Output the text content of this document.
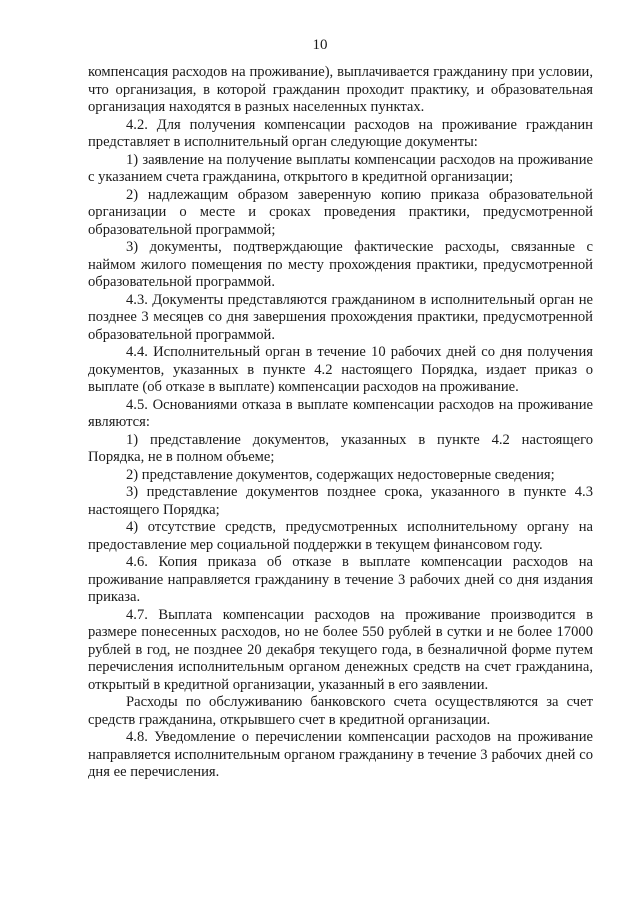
10

компенсация расходов на проживание), выплачивается гражданину при условии, что организация, в которой гражданин проходит практику, и образовательная организация находятся в разных населенных пунктах.

4.2. Для получения компенсации расходов на проживание гражданин представляет в исполнительный орган следующие документы:

1) заявление на получение выплаты компенсации расходов на проживание с указанием счета гражданина, открытого в кредитной организации;

2) надлежащим образом заверенную копию приказа образовательной организации о месте и сроках проведения практики, предусмотренной образовательной программой;

3) документы, подтверждающие фактические расходы, связанные с наймом жилого помещения по месту прохождения практики, предусмотренной образовательной программой.

4.3. Документы представляются гражданином в исполнительный орган не позднее 3 месяцев со дня завершения прохождения практики, предусмотренной образовательной программой.

4.4. Исполнительный орган в течение 10 рабочих дней со дня получения документов, указанных в пункте 4.2 настоящего Порядка, издает приказ о выплате (об отказе в выплате) компенсации расходов на проживание.

4.5. Основаниями отказа в выплате компенсации расходов на проживание являются:

1) представление документов, указанных в пункте 4.2 настоящего Порядка, не в полном объеме;

2) представление документов, содержащих недостоверные сведения;

3) представление документов позднее срока, указанного в пункте 4.3 настоящего Порядка;

4) отсутствие средств, предусмотренных исполнительному органу на предоставление мер социальной поддержки в текущем финансовом году.

4.6. Копия приказа об отказе в выплате компенсации расходов на проживание направляется гражданину в течение 3 рабочих дней со дня издания приказа.

4.7. Выплата компенсации расходов на проживание производится в размере понесенных расходов, но не более 550 рублей в сутки и не более 17000 рублей в год, не позднее 20 декабря текущего года, в безналичной форме путем перечисления исполнительным органом денежных средств на счет гражданина, открытый в кредитной организации, указанный в его заявлении.

Расходы по обслуживанию банковского счета осуществляются за счет средств гражданина, открывшего счет в кредитной организации.

4.8. Уведомление о перечислении компенсации расходов на проживание направляется исполнительным органом гражданину в течение 3 рабочих дней со дня ее перечисления.
